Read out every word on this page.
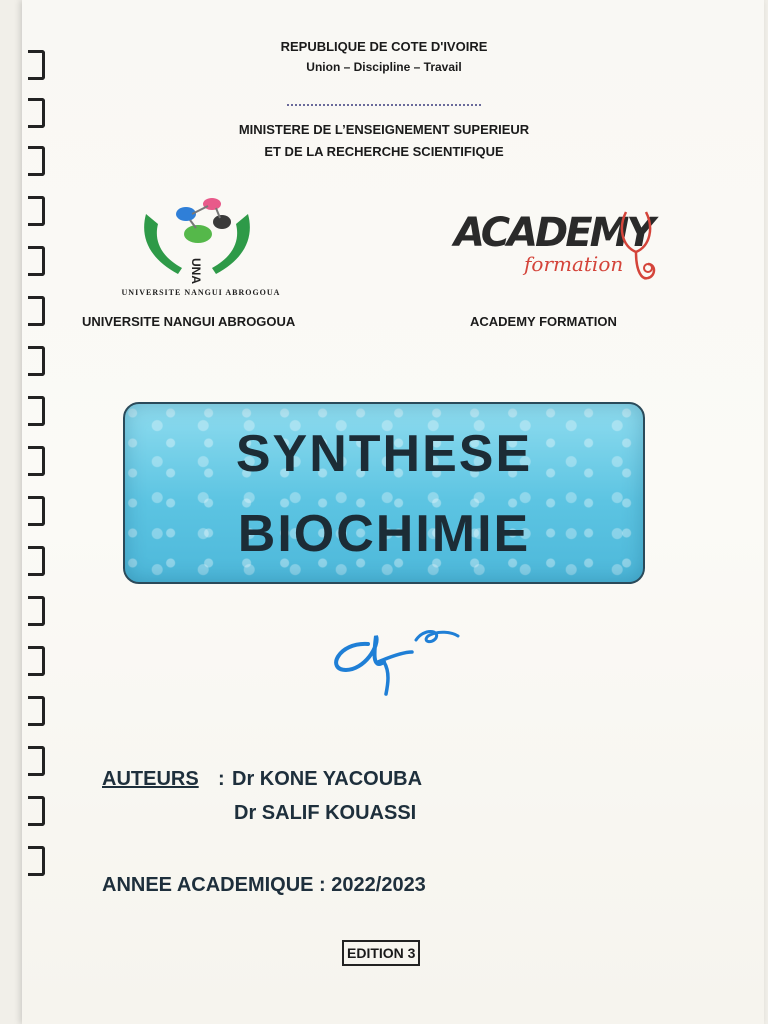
REPUBLIQUE DE COTE D'IVOIRE
Union – Discipline – Travail
MINISTERE DE L’ENSEIGNEMENT SUPERIEUR
ET DE LA RECHERCHE SCIENTIFIQUE
UNA
UNIVERSITE NANGUI ABROGOUA
ACADEMY
formation
UNIVERSITE NANGUI ABROGOUA	ACADEMY FORMATION
SYNTHESE
BIOCHIMIE
AUTEURS : Dr KONE YACOUBA
Dr SALIF KOUASSI
ANNEE ACADEMIQUE : 2022/2023
EDITION 3
